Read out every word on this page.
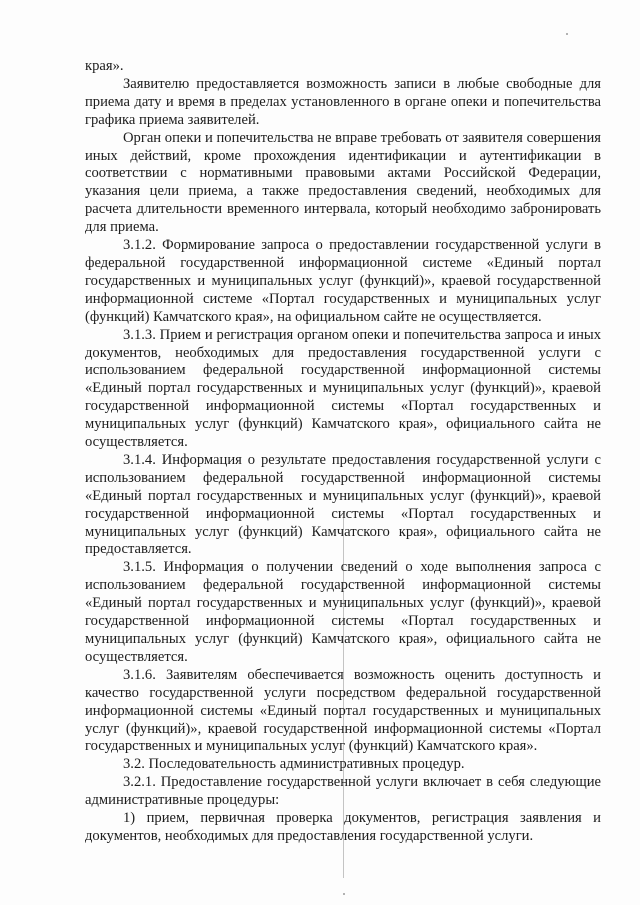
края».

Заявителю предоставляется возможность записи в любые свободные для приема дату и время в пределах установленного в органе опеки и попечительства графика приема заявителей.

Орган опеки и попечительства не вправе требовать от заявителя совершения иных действий, кроме прохождения идентификации и аутентификации в соответствии с нормативными правовыми актами Российской Федерации, указания цели приема, а также предоставления сведений, необходимых для расчета длительности временного интервала, который необходимо забронировать для приема.

3.1.2. Формирование запроса о предоставлении государственной услуги в федеральной государственной информационной системе «Единый портал государственных и муниципальных услуг (функций)», краевой государственной информационной системе «Портал государственных и муниципальных услуг (функций) Камчатского края», на официальном сайте не осуществляется.

3.1.3. Прием и регистрация органом опеки и попечительства запроса и иных документов, необходимых для предоставления государственной услуги с использованием федеральной государственной информационной системы «Единый портал государственных и муниципальных услуг (функций)», краевой государственной информационной системы «Портал государственных и муниципальных услуг (функций) Камчатского края», официального сайта не осуществляется.

3.1.4. Информация о результате предоставления государственной услуги с использованием федеральной государственной информационной системы «Единый портал государственных и муниципальных услуг (функций)», краевой государственной информационной системы «Портал государственных и муниципальных услуг (функций) Камчатского края», официального сайта не предоставляется.

3.1.5. Информация о получении сведений о ходе выполнения запроса с использованием федеральной государственной информационной системы «Единый портал государственных и муниципальных услуг (функций)», краевой государственной информационной системы «Портал государственных и муниципальных услуг (функций) Камчатского края», официального сайта не осуществляется.

3.1.6. Заявителям обеспечивается возможность оценить доступность и качество государственной услуги посредством федеральной государственной информационной системы «Единый портал государственных и муниципальных услуг (функций)», краевой государственной информационной системы «Портал государственных и муниципальных услуг (функций) Камчатского края».

3.2. Последовательность административных процедур.

3.2.1. Предоставление государственной услуги включает в себя следующие административные процедуры:

1) прием, первичная проверка документов, регистрация заявления и документов, необходимых для предоставления государственной услуги.
